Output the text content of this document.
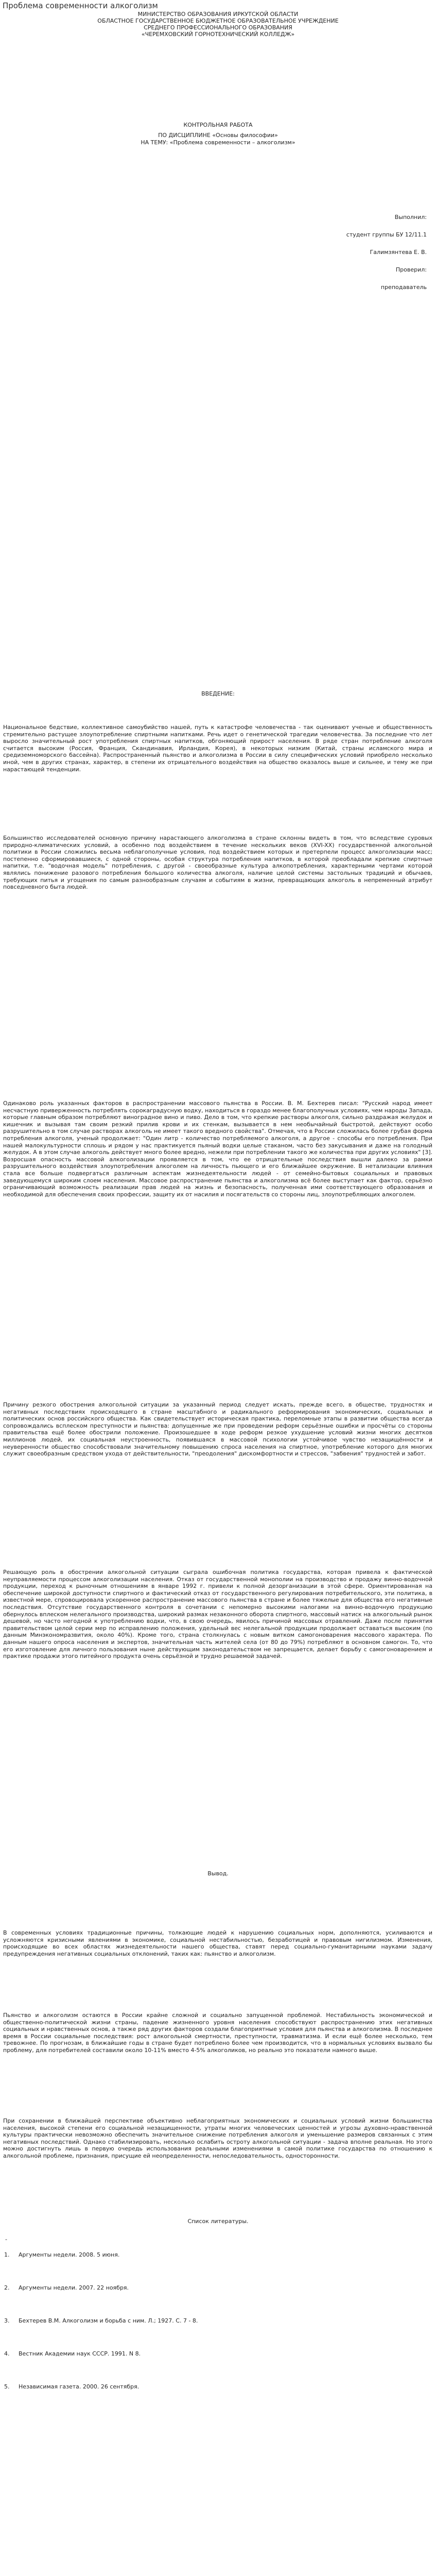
Проблема современности алкоголизм
МИНИСТЕРСТВО ОБРАЗОВАНИЯ ИРКУТСКОЙ ОБЛАСТИ
ОБЛАСТНОЕ ГОСУДАРСТВЕННОЕ БЮДЖЕТНОЕ ОБРАЗОВАТЕЛЬНОЕ УЧРЕЖДЕНИЕ
СРЕДНЕГО ПРОФЕССИОНАЛЬНОГО ОБРАЗОВАНИЯ
«ЧЕРЕМХОВСКИЙ ГОРНОТЕХНИЧЕСКИЙ КОЛЛЕДЖ»
КОНТРОЛЬНАЯ РАБОТА
ПО ДИСЦИПЛИНЕ «Основы философии»
НА ТЕМУ: «Проблема современности – алкоголизм»
Выполнил:
студент группы БУ 12/11.1
Галимзянтева Е. В.
Проверил:
преподаватель
ВВЕДЕНИЕ:

Национальное бедствие, коллективное самоубийство нашей, путь к катастрофе человечества - так оценивают ученые и общественность стремительно растущее злоупотребление спиртными напитками. Речь идет о генетической трагедии человечества. За последние что лет выросло значительный рост употребления спиртных напитков, обгоняющий прирост населения. В ряде стран потребление алкоголя считается высоким (Россия, Франция, Скандинавия, Ирландия, Корея), в некоторых низким (Китай, страны исламского мира и средиземноморского бассейна). Распространенный пьянство и алкоголизма в России в силу специфических условий приобрело несколько иной, чем в других странах, характер, в степени их отрицательного воздействия на общество оказалось выше и сильнее, и тему же при нарастающей тенденции.

Большинство исследователей основную причину нарастающего алкоголизма в стране склонны видеть в том, что вследствие суровых природно-климатических условий, а особенно под воздействием в течение нескольких веков (XVI-XX) государственной алкогольной политики в России сложились весьма неблагополучные условия, под воздействием которых и претерпели процесс алкоголизации масс; постепенно сформировавшиеся, с одной стороны, особая структура потребления напитков, в которой преобладали крепкие спиртные напитки, т.е. "водочная модель" потребления, с другой - своеобразные культура алкопотребления, характерными чертами которой являлись понижение разового потребления большого количества алкоголя, наличие целой системы застольных традиций и обычаев, требующих питья и угощения по самым разнообразным случаям и событиям в жизни, превращающих алкоголь в непременный атрибут повседневного быта людей.

Одинаково роль указанных факторов в распространении массового пьянства в России. В. М. Бехтерев писал: "Русский народ имеет несчастную приверженность потреблять сорокаградусную водку, находиться в гораздо менее благополучных условиях, чем народы Запада, которые главным образом потребляют виноградное вино и пиво. Дело в том, что крепкие растворы алкоголя, сильно раздражая желудок и кишечник и вызывая там своим резкий прилив крови и их стенкам, вызывается в нем необычайный быстротой, действуют особо разрушительно в том случае растворах алкоголь не имеет такого вредного свойства". Отмечая, что в России сложилась более грубая форма потребления алкоголя, ученый продолжает: "Один литр - количество потребляемого алкоголя, а другое - способы его потребления. При нашей малокультурности сплошь и рядом у нас практикуется пьяный водки целые стаканом, часто без закусывания и даже на голодный желудок. А в этом случае алкоголь действует много более вредно, нежели при потреблении такого же количества при других условиях" [3]. Возросшая опасность массовой алкоголизации проявляется в том, что ее отрицательные последствия вышли далеко за рамки разрушительного воздействия злоупотребления алкоголем на личность пьющего и его ближайшее окружение. В нетализации влияния стала все больше подвергаться различным аспектам жизнедеятельности людей - от семейно-бытовых социальных и правовых заведующемуся широким слоем населения. Массовое распространение пьянства и алкоголизма всё более выступает как фактор, серьёзно ограничивающий возможность реализации прав людей на жизнь и безопасность, полученная ими соответствующего образования и необходимой для обеспечения своих профессии, защиту их от насилия и посягательств со стороны лиц, злоупотребляющих алкоголем.

Причину резкого обострения алкогольной ситуации за указанный период следует искать, прежде всего, в обществе, трудностях и негативных последствиях происходящего в стране масштабного и радикального реформирования экономических, социальных и политических основ российского общества. Как свидетельствует историческая практика, переломные этапы в развитии общества всегда сопровождались всплеском преступности и пьянства: допущенные же при проведении реформ серьёзные ошибки и просчёты со стороны правительства ещё более обострили положение. Произошедшее в ходе реформ резкое ухудшение условий жизни многих десятков миллионов людей, их социальная неустроенность, появившаяся в массовой психологии устойчивое чувство незащищённости и неуверенности общество способствовали значительному повышению спроса населения на спиртное, употребление которого для многих служит своеобразным средством ухода от действительности, "преодоления" дискомфортности и стрессов, "забвения" трудностей и забот.

Решающую роль в обострении алкогольной ситуации сыграла ошибочная политика государства, которая привела к фактической неуправляемости процессом алкоголизации населения. Отказ от государственной монополии на производство и продажу винно-водочной продукции, переход к рыночным отношениям в январе 1992 г. привели к полной дезорганизации в этой сфере. Ориентированная на обеспечение широкой доступности спиртного и фактический отказ от государственного регулирования потребительского, эти политика, в известной мере, спровоцировала ускоренное распространение массового пьянства в стране и более тяжелые для общества его негативные последствия. Отсутствие государственного контроля в сочетании с непомерно высокими налогами на винно-водочную продукцию обернулось вплеском нелегального производства, широкий размах незаконного оборота спиртного, массовый натиск на алкогольный рынок дешевой, но часто негодной к употреблению водки, что, в свою очередь, явилось причиной массовых отравлений. Даже после принятия правительством целой серии мер по исправлению положения, удельный вес нелегальной продукции продолжает оставаться высоким (по данным Минэкономразвития, около 40%). Кроме того, страна столкнулась с новым витком самогоноварения массового характера. По данным нашего опроса населения и экспертов, значительная часть жителей села (от 80 до 79%) потребляют в основном самогон. То, что его изготовление для личного пользования ныне действующим законодательством не запрещается, делает борьбу с самогоноварением и практике продажи этого питейного продукта очень серьёзной и трудно решаемой задачей.

Вывод.

В современных условиях традиционные причины, толкающие людей к нарушению социальных норм, дополняются, усиливаются и усложняются кризисными явлениями в экономике, социальной нестабильностью, безработицей и правовым нигилизмом. Изменения, происходящие во всех областях жизнедеятельности нашего общества, ставят перед социально-гуманитарными науками задачу предупреждения негативных социальных отклонений, таких как: пьянство и алкоголизм.

Пьянство и алкоголизм остаются в России крайне сложной и социально запущенной проблемой. Нестабильность экономической и общественно-политической жизни страны, падение жизненного уровня населения способствуют распространению этих негативных социальных и нравственных основ, а также ряд других факторов создали благоприятные условия для пьянства и алкоголизма. В последнее время в России социальные последствия: рост алкогольной смертности, преступности, травматизма. И если ещё более несколько, тем тревожнее. По прогнозам, в ближайшие годы в стране будет потреблено более чем производится, что в нормальных условиях вызвало бы проблему, для потребителей составили около 10-11% вместо 4-5% алкоголиков, но реально это показатели намного выше.

При сохранении в ближайшей перспективе объективно неблагоприятных экономических и социальных условий жизни большинства населения, высокой степени его социальной незащищенности, утраты многих человеческих ценностей и угрозы духовно-нравственной культуры практически невозможно обеспечить значительное снижение потребления алкоголя и уменьшение размеров связанных с этим негативных последствий. Однако стабилизировать, несколько ослабить остроту алкогольной ситуации - задача вполне реальная. Но этого можно достигнуть лишь в первую очередь использования реальными изменениями в самой политике государства по отношению к алкогольной проблеме, признания, присущие ей неопределенности, непоследовательность, односторонности.

Список литературы.
-
1.	Аргументы недели. 2008. 5 июня.
2.	Аргументы недели. 2007. 22 ноября.
3.	Бехтерев В.М. Алкоголизм и борьба с ним. Л.; 1927. С. 7 - 8.
4.	Вестник Академии наук СССР. 1991. N 8.
5.	Независимая газета. 2000. 26 сентября.
